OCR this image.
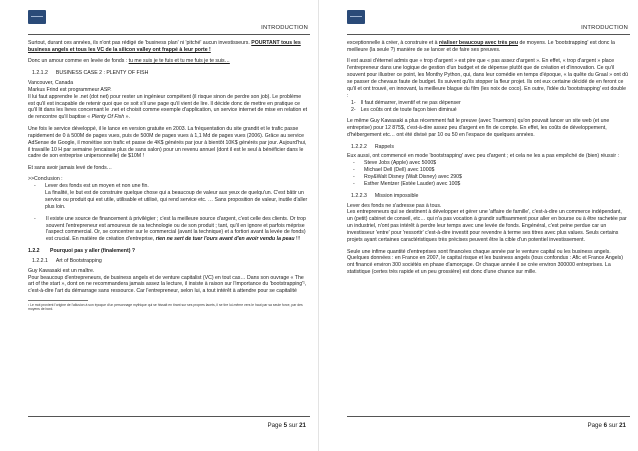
INTRODUCTION

Surtout, durant ces années, ils n'ont pas rédigé de 'business plan' ni 'pitché' aucun investisseurs. POURTANT tous les business angels et tous les VC de la silicon valley ont frappé à leur porte !

Donc un amour comme en levée de fonds : tu me suis je te fuis et tu me fuis je te suis…

1.2.1.2 BUSINESS CASE 2 : PLENTY OF FISH
Vancouver, Canada
Markus Frind est programmeur ASP.

Il lui faut apprendre le .net (dot net) pour rester un ingénieur compétent (il risque sinon de perdre son job). Le problème est qu'il est incapable de retenir quoi que ce soit s'il une page qu'il vient de lire. Il décide donc de mettre en pratique ce qu'il lit dans les livres concernant le .net et choisit comme exemple d'application, un service internet de mise en relation et de rencontre qu'il baptise « Plenty Of Fish ».

Une fois le service développé, il le lance en version gratuite en 2003. La fréquentation du site grandit et le trafic passe rapidement de 0 à 500M de pages vues, puis de 500M de pages vues à 1,1 Md de pages vues (2006). Grâce au service AdSense de Google, il monétise son trafic et passe de 4K$ générés par jour à bientôt 10K$ générés par jour. Aujourd'hui, il travaille 10 H par semaine (encaisse plus de sans salon) pour un revenu annuel (dont il est le seul à bénéficier dans le cadre de son entreprise unipersonnelle) de $10M !

Et sans avoir jamais levé de fonds…

>>Conclusion :
-	Lever des fonds est un moyen et non une fin.
La finalité, le but est de construire quelque chose qui a beaucoup de valeur aux yeux de quelqu'un. C'est bâtir un service ou produit qui est utile, utilisable et utilisé, qui rend service etc. … Sans proposition de valeur, inutile d'aller plus loin.
-	Il existe une source de financement à privilégier ; c'est la meilleure source d'argent, c'est celle des clients. Or trop souvent l'entrepreneur est amoureux de sa technologie ou de son produit ; tant, qu'il en ignore et parfois méprise l'aspect commercial. Or, se concentrer sur le commercial (avant la technique) et a fortiori avant la levée de fonds) est crucial. En matière de création d'entreprise, rien ne sert de tuer l'ours avant d'en avoir vendu la peau !!!
1.2.2	Pourquoi pas y aller (finalement) ?
1.2.2.1 Art of Bootstrapping
Guy Kawasaki est un maître.

Pour beaucoup d'entrepreneurs, de business angels et de venture capitalist (VC) en tout cas… Dans son ouvrage « The art of the start », dont on ne recommandera jamais assez la lecture, il insiste à raison sur l'importance du 'bootstrapping'¹, c'est-à-dire l'art du démarrage sans ressource. Car l'entrepreneur, selon lui, a tout intérêt à attendre pour se capitalité

¹ Le mot provient l'origine de l'allusion à son époque d'un personnage mythique qui se hissait en tirant sur ses propres lacets, il se tire lui-même vers le haut par sa seule force, par des moyens de bord.
Page 5 sur 21
INTRODUCTION

exceptionnelle à créer, à construire et à réaliser beaucoup avec très peu de moyens. Le 'bootstrapping' est donc la meilleure (la seule ?) manière de se lancer et de faire ses preuves.

Il est aussi d'éternel admis que « trop d'argent » est pire que « pas assez d'argent ». En effet, « trop d'argent » place l'entrepreneur dans une logique de gestion d'un budget et de dépense plutôt que de création et d'innovation. Ce qu'il souvent pour illustrer ce point, les Monthy Python, qui, dans leur comédie en temps d'époque, « la quête du Graal » ont dû se passer de chevaux faute de budget. Ils suivent qu'ils stopper la fleur projet. Ils ont eux certaine décidé de en feront ce qu'il et ont trouvé, en innovant, la meilleure blague du film (les noix de coco). En outre, l'idée du 'bootstrapping' est double :

1- Il faut démarrer, inventif et ne pas dépenser
2- Les coûts ont de toute façon bien diminué

Le même Guy Kawasaki a plus récemment fait le preuve (avec Truemors) qu'on pouvait lancer un site web (et une entreprise) pour 12 875$, c'est-à-dire assez peu d'argent en fin de compte. En effet, les coûts de développement, d'hébergement etc… ont été divisé par 10 ou 50 en l'espace de quelques années.

1.2.2.2 Rappels

Eux aussi, ont commencé en mode 'bootstrapping' avec peu d'argent ; et cela ne les a pas empêché de (bien) réussir :

-	Steve Jobs (Apple) avec 5000$
-	Michael Dell (Dell) avec 1000$
-	Roy&Walt Disney (Walt Disney) avec 290$
-	Esther Mentzer (Estée Lauder) avec 100$
1.2.2.3 Mission impossible
Lever des fonds ne s'adresse pas à tous.

Les entrepreneurs qui se destinent à développer et gérer une 'affaire de famille', c'est-à-dire un commerce indépendant, un (petit) cabinet de conseil, etc… qui n'a pas vocation à grandir suffisamment pour aller en bourse ou à être rachetée par un industriel, n'ont pas intérêt à perdre leur temps avec une levée de fonds. Engénéral, c'est peine perdue car un investisseur 'entre' pour 'ressortir' c'est-à-dire investit pour revendre à terme ses titres avec plus values. Seuls certains projets ayant certaines caractéristiques très précises peuvent être la cible d'un potentiel investissement.

Seule une infime quantité d'entreprises sont financées chaque année par le venture capital ou les business angels. Quelques données : en France en 2007, le capital risque et les business angels (tous confondus : Afic et France Angels) ont financé environ 300 sociétés en phase d'amorçage. Or chaque année il se crée environ 300000 entreprises. La statistique (certes très rapide et un peu grossière) est donc d'une chance sur mille.

Page 6 sur 21
